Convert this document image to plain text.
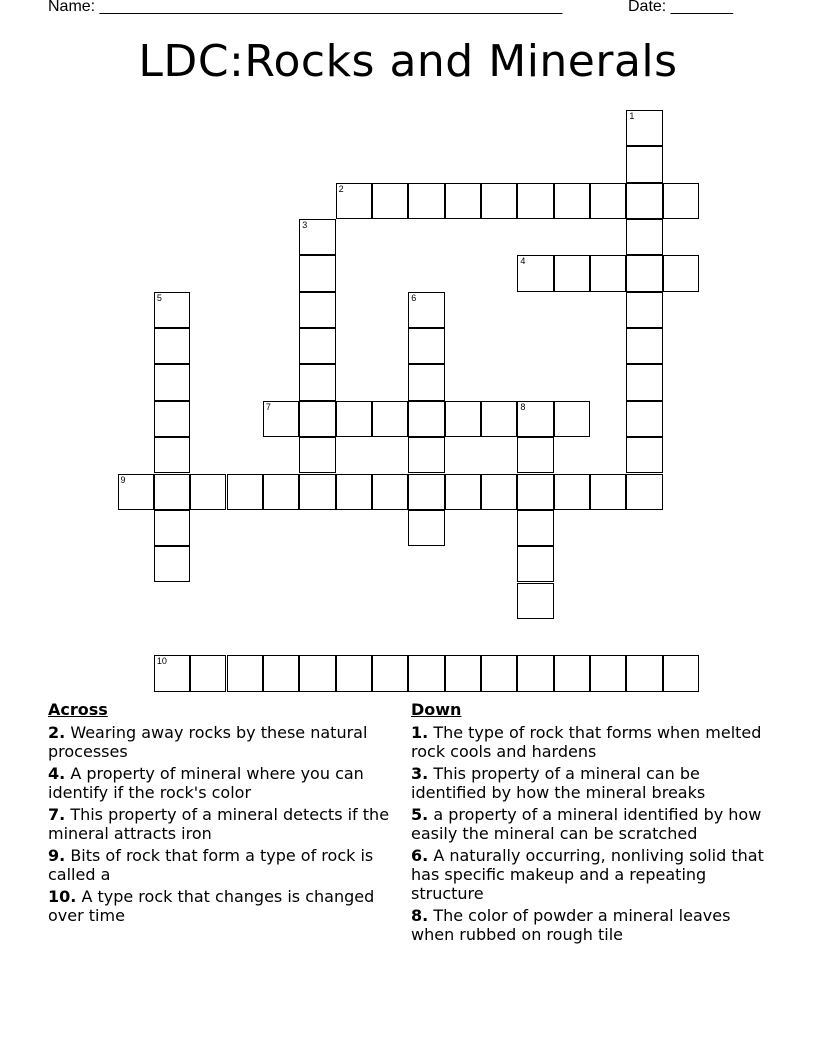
Name: ____________________________________________________	Date: _______
LDC:Rocks and Minerals
1
2
3
4
5	6
7	8
9
10
Across
2. Wearing away rocks by these natural processes
4. A property of mineral where you can identify if the rock's color
7. This property of a mineral detects if the mineral attracts iron
9. Bits of rock that form a type of rock is called a
10. A type rock that changes is changed over time
Down
1. The type of rock that forms when melted rock cools and hardens
3. This property of a mineral can be identified by how the mineral breaks
5. a property of a mineral identified by how easily the mineral can be scratched
6. A naturally occurring, nonliving solid that has specific makeup and a repeating structure
8. The color of powder a mineral leaves when rubbed on rough tile
